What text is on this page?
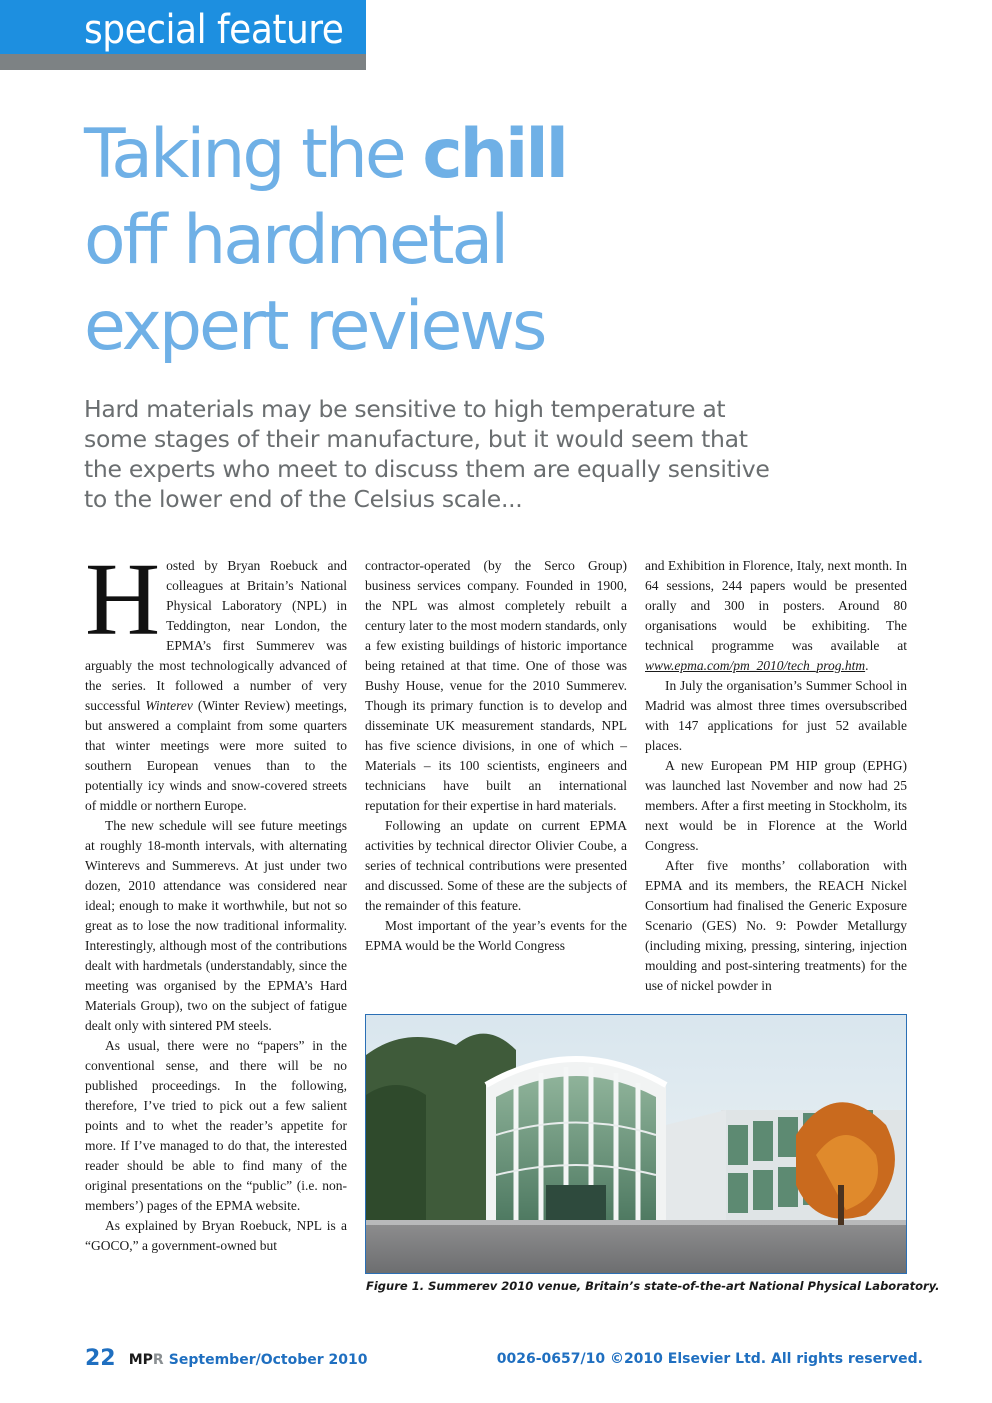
special feature
Taking the chill
off hardmetal
expert reviews
Hard materials may be sensitive to high temperature at some stages of their manufacture, but it would seem that the experts who meet to discuss them are equally sensitive to the lower end of the Celsius scale...

Hosted by Bryan Roebuck and colleagues at Britain’s National Physical Laboratory (NPL) in Teddington, near London, the EPMA’s first Summerev was arguably the most technologically advanced of the series. It followed a number of very successful Winterev (Winter Review) meetings, but answered a complaint from some quarters that winter meetings were more suited to southern European venues than to the potentially icy winds and snow-covered streets of middle or northern Europe.

The new schedule will see future meetings at roughly 18-month intervals, with alternating Winterevs and Summerevs. At just under two dozen, 2010 attendance was considered near ideal; enough to make it worthwhile, but not so great as to lose the now traditional informality. Interestingly, although most of the contributions dealt with hardmetals (understandably, since the meeting was organised by the EPMA’s Hard Materials Group), two on the subject of fatigue dealt only with sintered PM steels.

As usual, there were no “papers” in the conventional sense, and there will be no published proceedings. In the following, therefore, I’ve tried to pick out a few salient points and to whet the reader’s appetite for more. If I’ve managed to do that, the interested reader should be able to find many of the original presentations on the “public” (i.e. non-members’) pages of the EPMA website.

As explained by Bryan Roebuck, NPL is a “GOCO,” a government-owned but

contractor-operated (by the Serco Group) business services company. Founded in 1900, the NPL was almost completely rebuilt a century later to the most modern standards, only a few existing buildings of historic importance being retained at that time. One of those was Bushy House, venue for the 2010 Summerev. Though its primary function is to develop and disseminate UK measurement standards, NPL has five science divisions, in one of which – Materials – its 100 scientists, engineers and technicians have built an international reputation for their expertise in hard materials.

Following an update on current EPMA activities by technical director Olivier Coube, a series of technical contributions were presented and discussed. Some of these are the subjects of the remainder of this feature.

Most important of the year’s events for the EPMA would be the World Congress

and Exhibition in Florence, Italy, next month. In 64 sessions, 244 papers would be presented orally and 300 in posters. Around 80 organisations would be exhibiting. The technical programme was available at www.epma.com/pm_2010/tech_prog.htm.

In July the organisation’s Summer School in Madrid was almost three times oversubscribed with 147 applications for just 52 available places.

A new European PM HIP group (EPHG) was launched last November and now had 25 members. After a first meeting in Stockholm, its next would be in Florence at the World Congress.

After five months’ collaboration with EPMA and its members, the REACH Nickel Consortium had finalised the Generic Exposure Scenario (GES) No. 9: Powder Metallurgy (including mixing, pressing, sintering, injection moulding and post-sintering treatments) for the use of nickel powder in

Figure 1. Summerev 2010 venue, Britain’s state-of-the-art National Physical Laboratory.
22 MPR September/October 2010	0026-0657/10 ©2010 Elsevier Ltd. All rights reserved.
